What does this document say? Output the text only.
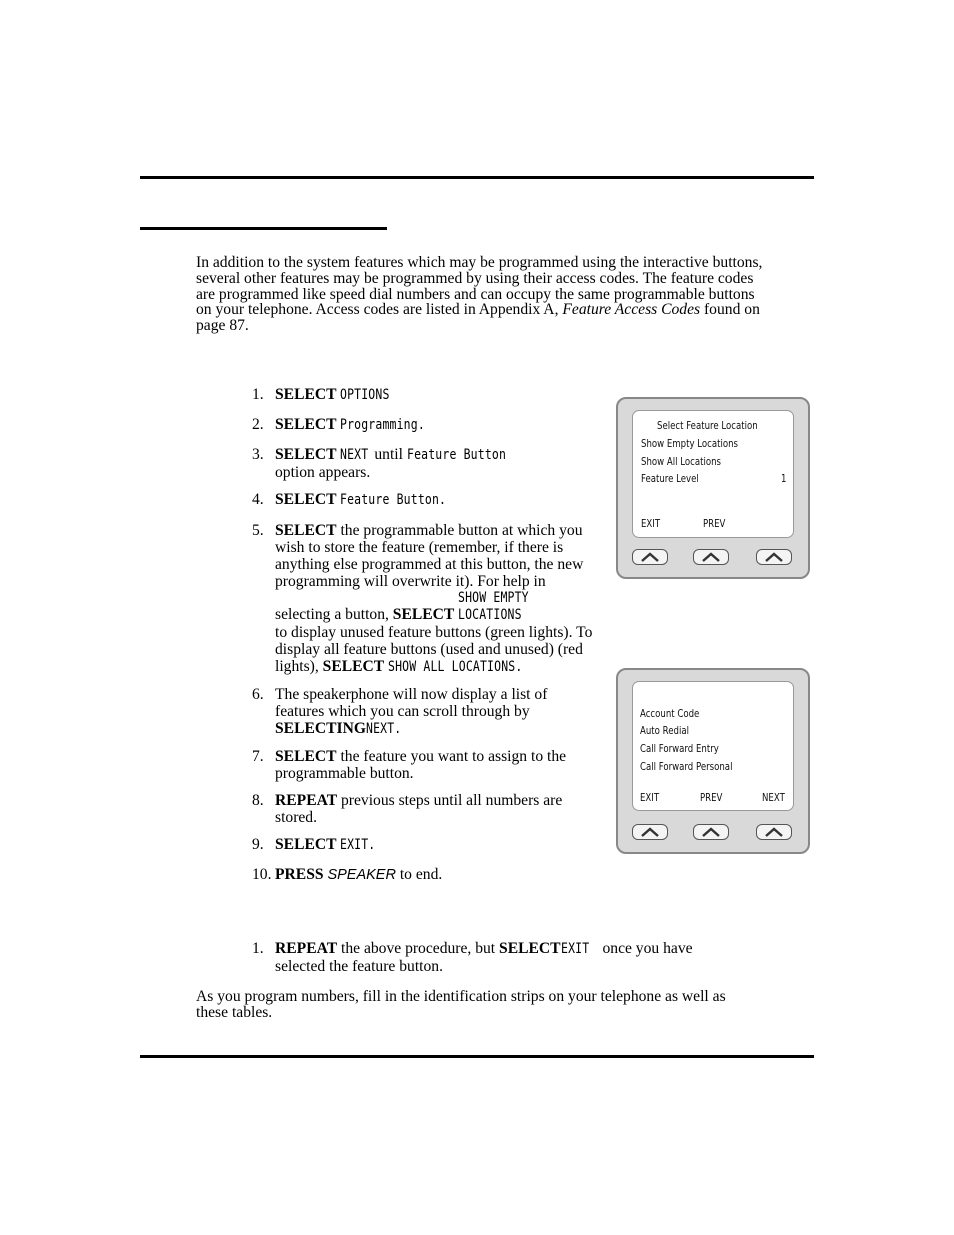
In addition to the system features which may be programmed using the interactive buttons, several other features may be programmed by using their access codes. The feature codes are programmed like speed dial numbers and can occupy the same programmable buttons on your telephone. Access codes are listed in Appendix A, Feature Access Codes found on page 87.
1. SELECT OPTIONS
2. SELECT Programming.
3. SELECT NEXT until Feature Button
option appears.
4. SELECT Feature Button.
5. SELECT the programmable button at which you wish to store the feature (remember, if there is anything else programmed at this button, the new programming will overwrite it). For help in selecting a button, SELECT SHOW EMPTY LOCATIONS to display unused feature buttons (green lights). To display all feature buttons (used and unused) (red lights), SELECT SHOW ALL LOCATIONS.
6. The speakerphone will now display a list of features which you can scroll through by SELECTINGNEXT.
7. SELECT the feature you want to assign to the programmable button.
8. REPEAT previous steps until all numbers are stored.
9. SELECT EXIT.
10. PRESS SPEAKER to end.
1. REPEAT the above procedure, but SELECTEXIT once you have selected the feature button.
As you program numbers, fill in the identification strips on your telephone as well as these tables.
Select Feature Location
Show Empty Locations
Show All Locations
Feature Level	1
EXIT	PREV
Account Code
Auto Redial
Call Forward Entry
Call Forward Personal
EXIT	PREV	NEXT
